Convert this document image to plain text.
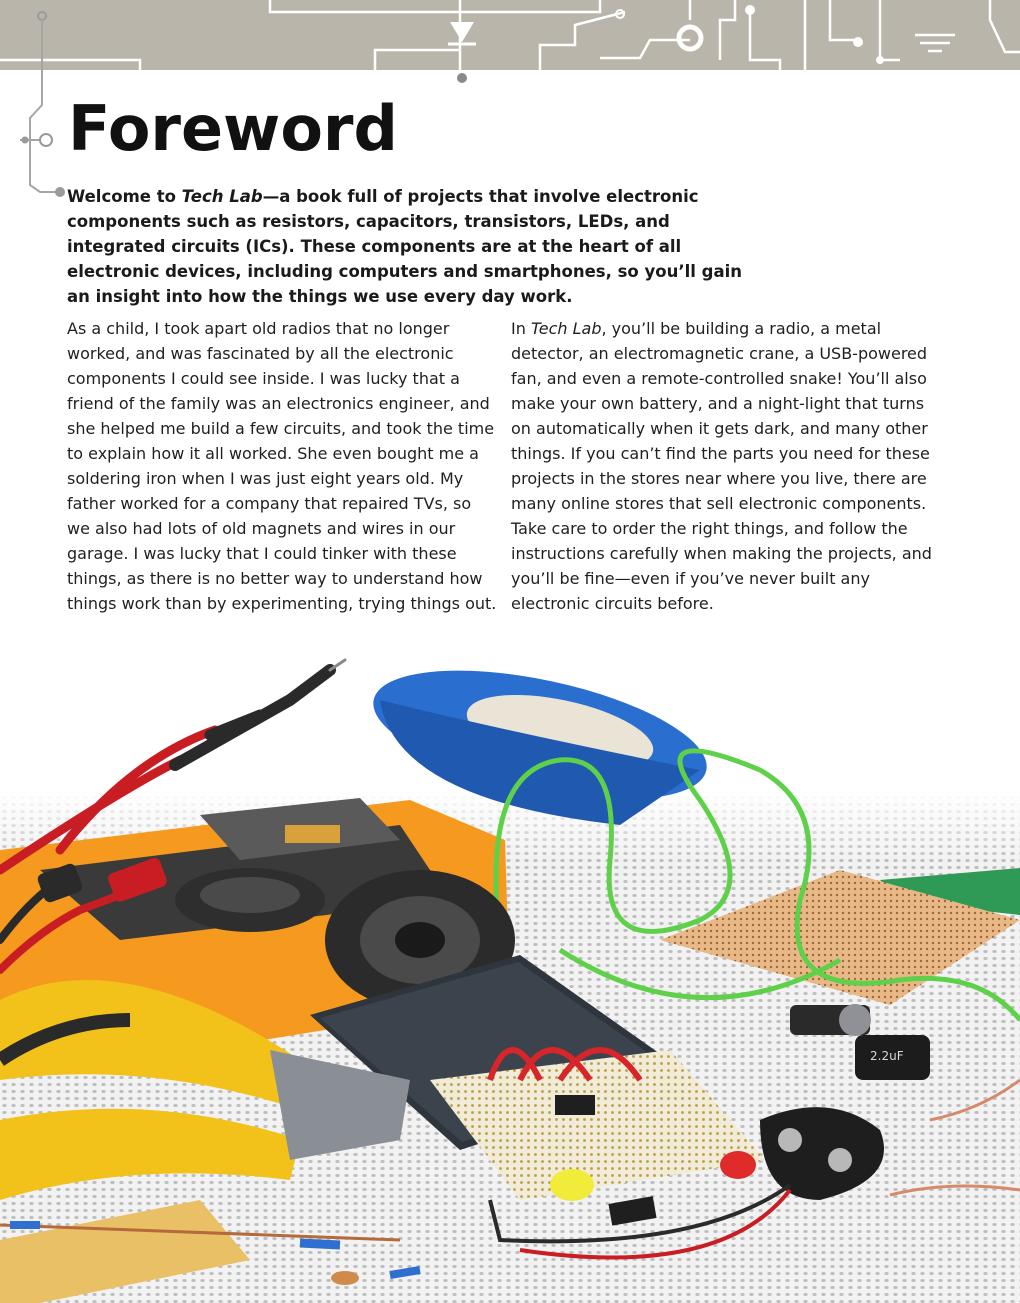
Foreword

Welcome to Tech Lab—a book full of projects that involve electronic components such as resistors, capacitors, transistors, LEDs, and integrated circuits (ICs). These components are at the heart of all electronic devices, including computers and smartphones, so you’ll gain an insight into how the things we use every day work.

As a child, I took apart old radios that no longer worked, and was fascinated by all the electronic components I could see inside. I was lucky that a friend of the family was an electronics engineer, and she helped me build a few circuits, and took the time to explain how it all worked. She even bought me a soldering iron when I was just eight years old. My father worked for a company that repaired TVs, so we also had lots of old magnets and wires in our garage. I was lucky that I could tinker with these things, as there is no better way to understand how things work than by experimenting, trying things out.

In Tech Lab, you’ll be building a radio, a metal detector, an electromagnetic crane, a USB-powered fan, and even a remote-controlled snake! You’ll also make your own battery, and a night-light that turns on automatically when it gets dark, and many other things. If you can’t find the parts you need for these projects in the stores near where you live, there are many online stores that sell electronic components. Take care to order the right things, and follow the instructions carefully when making the projects, and you’ll be fine—even if you’ve never built any electronic circuits before.

2.2uF
